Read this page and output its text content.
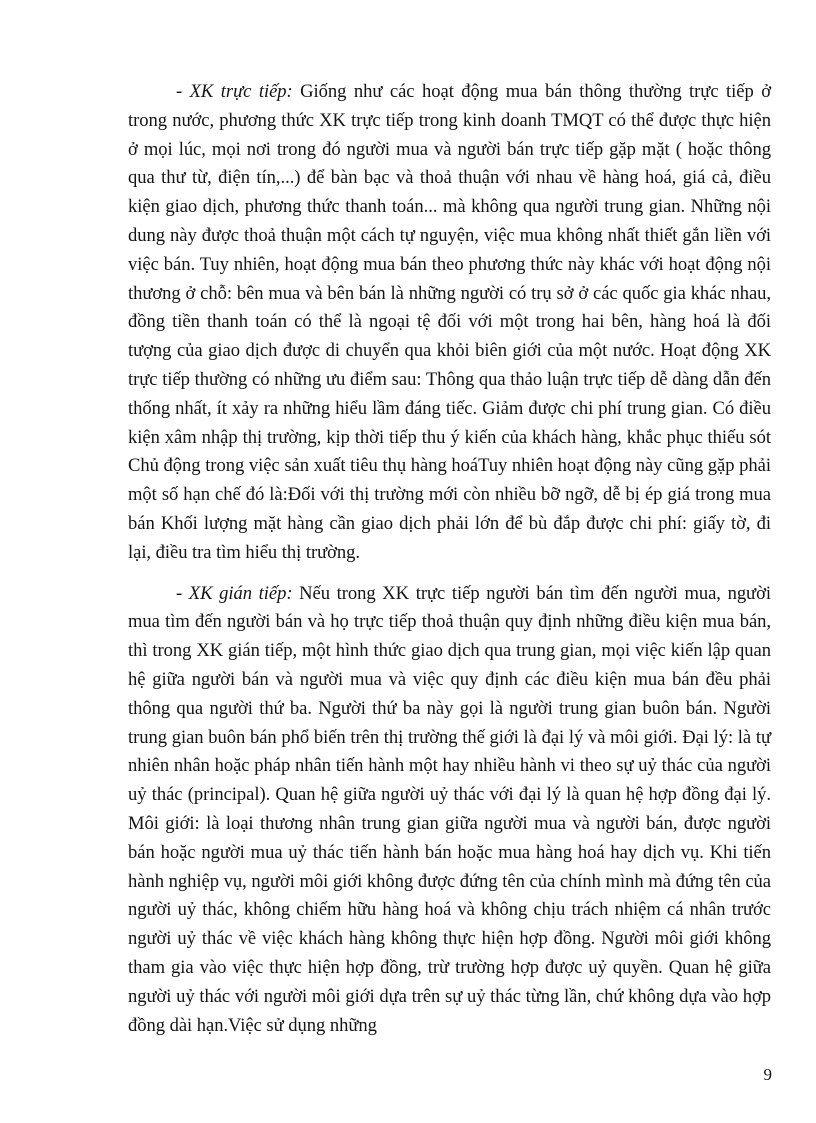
- XK trực tiếp: Giống như các hoạt động mua bán thông thường trực tiếp ở trong nước, phương thức XK trực tiếp trong kinh doanh TMQT có thể được thực hiện ở mọi lúc, mọi nơi trong đó người mua và người bán trực tiếp gặp mặt ( hoặc thông qua thư từ, điện tín,...) để bàn bạc và thoả thuận với nhau về hàng hoá, giá cả, điều kiện giao dịch, phương thức thanh toán... mà không qua người trung gian. Những nội dung này được thoả thuận một cách tự nguyện, việc mua không nhất thiết gắn liền với việc bán. Tuy nhiên, hoạt động mua bán theo phương thức này khác với hoạt động nội thương ở chỗ: bên mua và bên bán là những người có trụ sở ở các quốc gia khác nhau, đồng tiền thanh toán có thể là ngoại tệ đối với một trong hai bên, hàng hoá là đối tượng của giao dịch được di chuyển qua khỏi biên giới của một nước. Hoạt động XK trực tiếp thường có những ưu điểm sau: Thông qua thảo luận trực tiếp dễ dàng dẫn đến thống nhất, ít xảy ra những hiểu lầm đáng tiếc. Giảm được chi phí trung gian. Có điều kiện xâm nhập thị trường, kịp thời tiếp thu ý kiến của khách hàng, khắc phục thiếu sót Chủ động trong việc sản xuất tiêu thụ hàng hoáTuy nhiên hoạt động này cũng gặp phải một số hạn chế đó là:Đối với thị trường mới còn nhiều bỡ ngỡ, dễ bị ép giá trong mua bán Khối lượng mặt hàng cần giao dịch phải lớn để bù đắp được chi phí: giấy tờ, đi lại, điều tra tìm hiểu thị trường.

- XK gián tiếp: Nếu trong XK trực tiếp người bán tìm đến người mua, người mua tìm đến người bán và họ trực tiếp thoả thuận quy định những điều kiện mua bán, thì trong XK gián tiếp, một hình thức giao dịch qua trung gian, mọi việc kiến lập quan hệ giữa người bán và người mua và việc quy định các điều kiện mua bán đều phải thông qua người thứ ba. Người thứ ba này gọi là người trung gian buôn bán. Người trung gian buôn bán phổ biến trên thị trường thế giới là đại lý và môi giới. Đại lý: là tự nhiên nhân hoặc pháp nhân tiến hành một hay nhiều hành vi theo sự uỷ thác của người uỷ thác (principal). Quan hệ giữa người uỷ thác với đại lý là quan hệ hợp đồng đại lý. Môi giới: là loại thương nhân trung gian giữa người mua và người bán, được người bán hoặc người mua uỷ thác tiến hành bán hoặc mua hàng hoá hay dịch vụ. Khi tiến hành nghiệp vụ, người môi giới không được đứng tên của chính mình mà đứng tên của người uỷ thác, không chiếm hữu hàng hoá và không chịu trách nhiệm cá nhân trước người uỷ thác về việc khách hàng không thực hiện hợp đồng. Người môi giới không tham gia vào việc thực hiện hợp đồng, trừ trường hợp được uỷ quyền. Quan hệ giữa người uỷ thác với người môi giới dựa trên sự uỷ thác từng lần, chứ không dựa vào hợp đồng dài hạn.Việc sử dụng những

9
